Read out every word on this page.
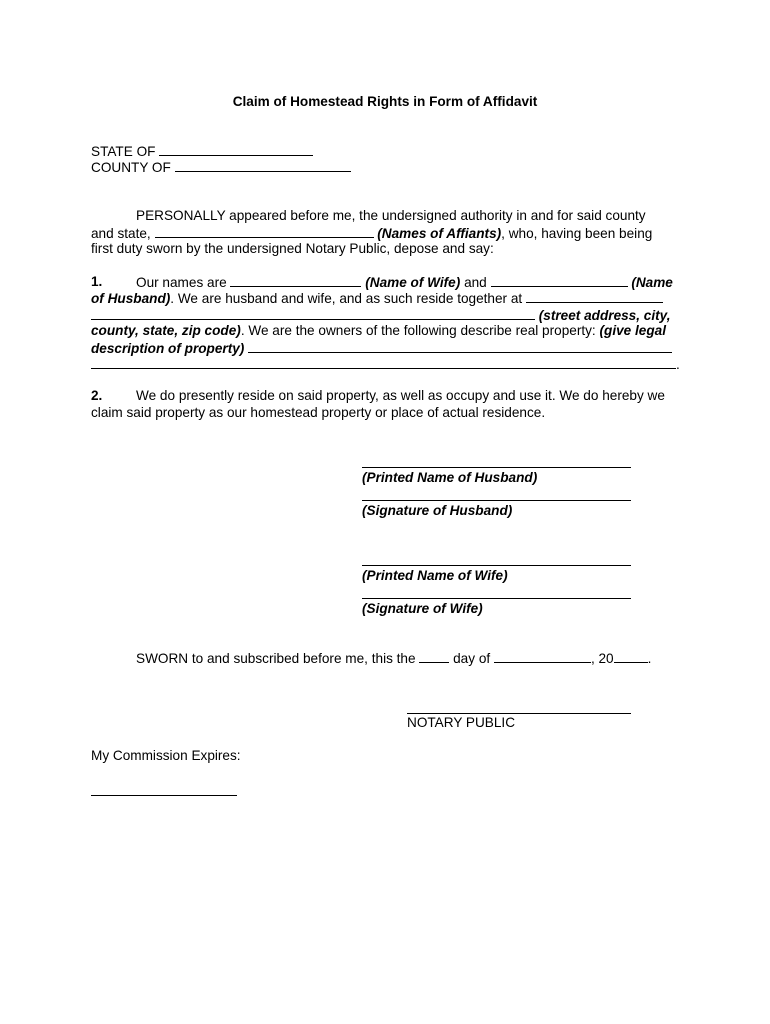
Claim of Homestead Rights in Form of Affidavit
STATE OF
COUNTY OF
PERSONALLY appeared before me, the undersigned authority in and for said county
and state,	(Names of Affiants), who, having been being
first duty sworn by the undersigned Notary Public, depose and say:
1. Our names are	(Name of Wife) and	(Name
of Husband). We are husband and wife, and as such reside together at
(street address, city,
county, state, zip code). We are the owners of the following describe real property: (give legal
description of property)
.
2. We do presently reside on said property, as well as occupy and use it. We do hereby we
claim said property as our homestead property or place of actual residence.
(Printed Name of Husband)
(Signature of Husband)
(Printed Name of Wife)
(Signature of Wife)
SWORN to and subscribed before me, this the	day of	, 20	.
NOTARY PUBLIC
My Commission Expires:
